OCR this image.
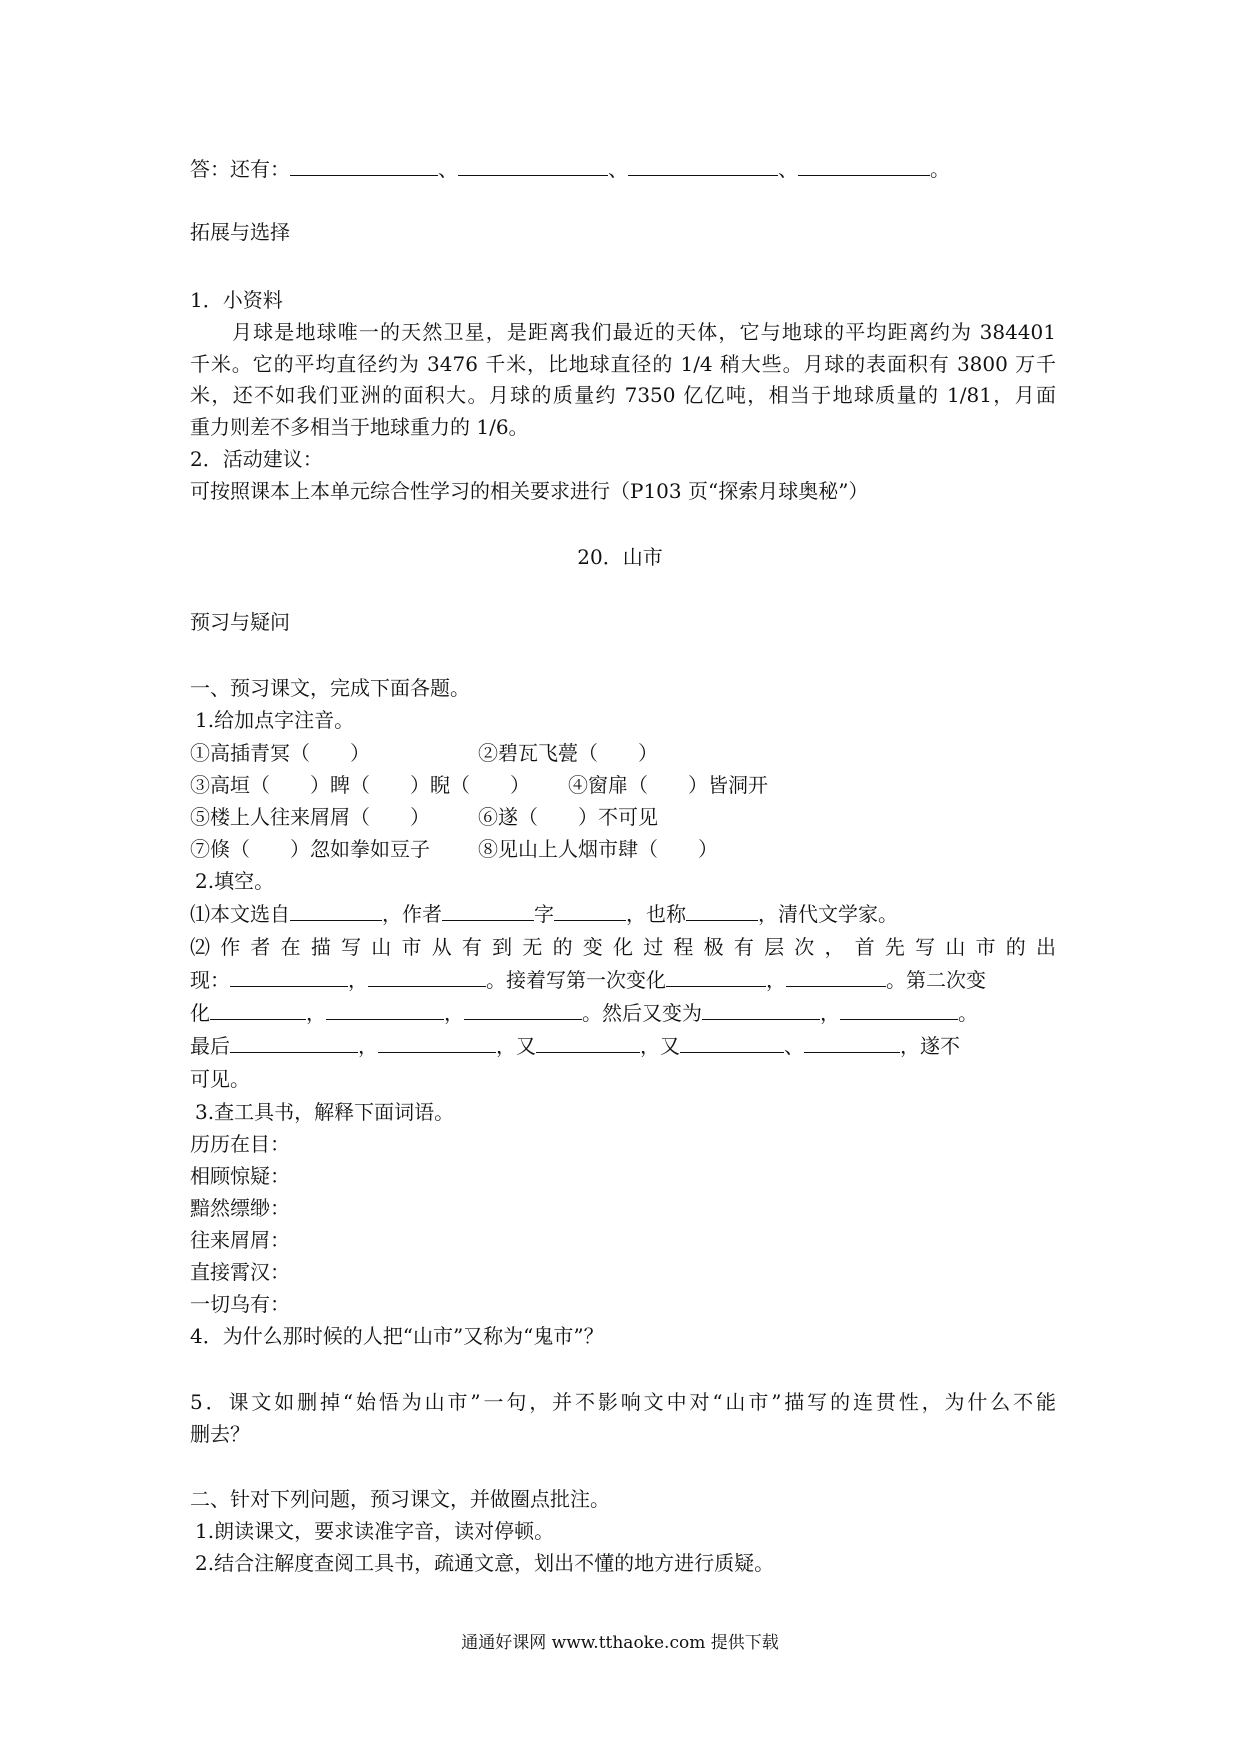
答：还有：	、	、	、	。
拓展与选择
1．小资料
月球是地球唯一的天然卫星，是距离我们最近的天体，它与地球的平均距离约为 384401
千米。它的平均直径约为 3476 千米，比地球直径的 1/4 稍大些。月球的表面积有 3800 万千
米，还不如我们亚洲的面积大。月球的质量约 7350 亿亿吨，相当于地球质量的 1/81，月面
重力则差不多相当于地球重力的 1/6。
2．活动建议：
可按照课本上本单元综合性学习的相关要求进行（P103 页“探索月球奥秘”）
20．山市
预习与疑问
一、预习课文，完成下面各题。
1.给加点字注音。
①高插青冥（　　）	②碧瓦飞甍（　　）
③高垣（　　）睥（　　）睨（　　） ④窗扉（　　）皆洞开
⑤楼上人往来屑屑（　　） ⑥遂（　　）不可见
⑦倏（　　）忽如拳如豆子 ⑧见山上人烟市肆（　　）
2.填空。
⑴本文选自	，作者	字	，也称	，清代文学家。
⑵作者在描写山市从有到无的变化过程极有层次，首先写山市的出
现：	，	。接着写第一次变化	，	。第二次变
化	，	，	。然后又变为	，	。
最后	，	，又	，又	、	，遂不
可见。
3.查工具书，解释下面词语。
历历在目：
相顾惊疑：
黯然缥缈：
往来屑屑：
直接霄汉：
一切乌有：
4．为什么那时候的人把“山市”又称为“鬼市”？
5．课文如删掉“始悟为山市”一句，并不影响文中对“山市”描写的连贯性，为什么不能
删去？
二、针对下列问题，预习课文，并做圈点批注。
1.朗读课文，要求读准字音，读对停顿。
2.结合注解度查阅工具书，疏通文意，划出不懂的地方进行质疑。
通通好课网 www.tthaoke.com 提供下载
